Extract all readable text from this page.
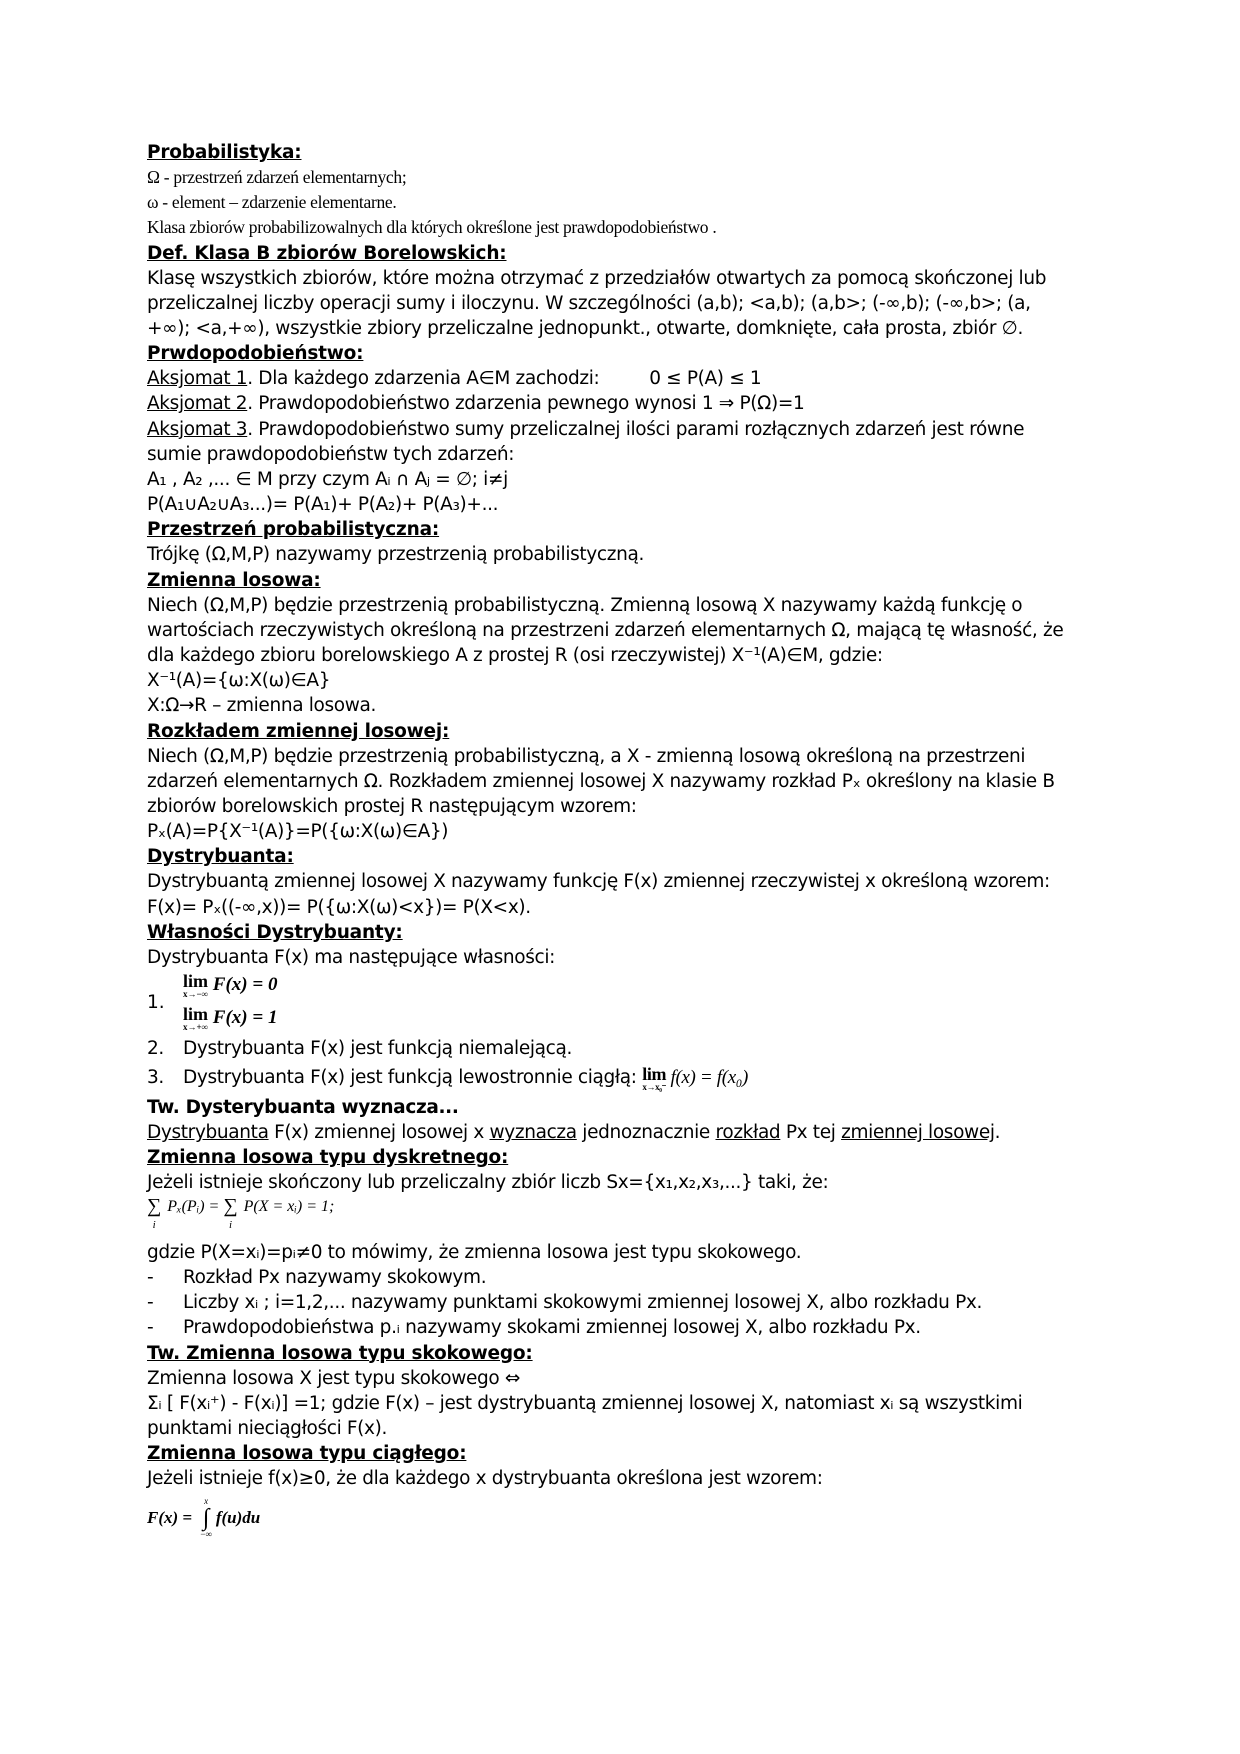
Probabilistyka:
Ω - przestrzeń zdarzeń elementarnych;
ω - element – zdarzenie elementarne.
Klasa zbiorów probabilizowalnych dla których określone jest prawdopodobieństwo .
Def. Klasa B zbiorów Borelowskich:
Klasę wszystkich zbiorów, które można otrzymać z przedziałów otwartych za pomocą skończonej lub
przeliczalnej liczby operacji sumy i iloczynu. W szczególności (a,b); <a,b); (a,b>; (-∞,b); (-∞,b>; (a,
+∞); <a,+∞), wszystkie zbiory przeliczalne jednopunkt., otwarte, domknięte, cała prosta, zbiór ∅.
Prwdopodobieństwo:
Aksjomat 1. Dla każdego zdarzenia A∈M zachodzi:         0 ≤ P(A) ≤ 1
Aksjomat 2. Prawdopodobieństwo zdarzenia pewnego wynosi 1 ⇒ P(Ω)=1
Aksjomat 3. Prawdopodobieństwo sumy przeliczalnej ilości parami rozłącznych zdarzeń jest równe
sumie prawdopodobieństw tych zdarzeń:
A₁ , A₂ ,... ∈ M przy czym Aᵢ ∩ Aⱼ = ∅; i≠j
P(A₁∪A₂∪A₃...)= P(A₁)+ P(A₂)+ P(A₃)+...
Przestrzeń probabilistyczna:
Trójkę (Ω,M,P) nazywamy przestrzenią probabilistyczną.
Zmienna losowa:
Niech (Ω,M,P) będzie przestrzenią probabilistyczną. Zmienną losową X nazywamy każdą funkcję o
wartościach rzeczywistych określoną na przestrzeni zdarzeń elementarnych Ω, mającą tę własność, że
dla każdego zbioru borelowskiego A z prostej R (osi rzeczywistej) X⁻¹(A)∈M, gdzie:
X⁻¹(A)={ω:X(ω)∈A}
X:Ω→R – zmienna losowa.
Rozkładem zmiennej losowej:
Niech (Ω,M,P) będzie przestrzenią probabilistyczną, a X - zmienną losową określoną na przestrzeni
zdarzeń elementarnych Ω. Rozkładem zmiennej losowej X nazywamy rozkład Pₓ określony na klasie B
zbiorów borelowskich prostej R następującym wzorem:
Pₓ(A)=P{X⁻¹(A)}=P({ω:X(ω)∈A})
Dystrybuanta:
Dystrybuantą zmiennej losowej X nazywamy funkcję F(x) zmiennej rzeczywistej x określoną wzorem:
F(x)= Pₓ((-∞,x))= P({ω:X(ω)<x})= P(X<x).
Własności Dystrybuanty:
Dystrybuanta F(x) ma następujące własności:
1.
lim
x→−∞ F(x) = 0
lim
x→+∞ F(x) = 1
2.	Dystrybuanta F(x) jest funkcją niemalejącą.
3.	Dystrybuanta F(x) jest funkcją lewostronnie ciągłą: lim
x→x₀⁻ f(x) = f(x₀)
Tw. Dysterybuanta wyznacza...
Dystrybuanta F(x) zmiennej losowej x wyznacza jednoznacznie rozkład Px tej zmiennej losowej.
Zmienna losowa typu dyskretnego:
Jeżeli istnieje skończony lub przeliczalny zbiór liczb Sx={x₁,x₂,x₃,...} taki, że:
∑
i
Pₓ(Pᵢ) = ∑
i
P(X = xᵢ) = 1;
gdzie P(X=xᵢ)=pᵢ≠0 to mówimy, że zmienna losowa jest typu skokowego.
-	Rozkład Px nazywamy skokowym.
-	Liczby xᵢ ; i=1,2,... nazywamy punktami skokowymi zmiennej losowej X, albo rozkładu Px.
-	Prawdopodobieństwa p.ᵢ nazywamy skokami zmiennej losowej X, albo rozkładu Px.
Tw. Zmienna losowa typu skokowego:
Zmienna losowa X jest typu skokowego ⇔
Σᵢ [ F(xᵢ⁺) - F(xᵢ)] =1; gdzie F(x) – jest dystrybuantą zmiennej losowej X, natomiast xᵢ są wszystkimi
punktami nieciągłości F(x).
Zmienna losowa typu ciągłego:
Jeżeli istnieje f(x)≥0, że dla każdego x dystrybuanta określona jest wzorem:
F(x) =
x
∫
−∞
f(u)du
